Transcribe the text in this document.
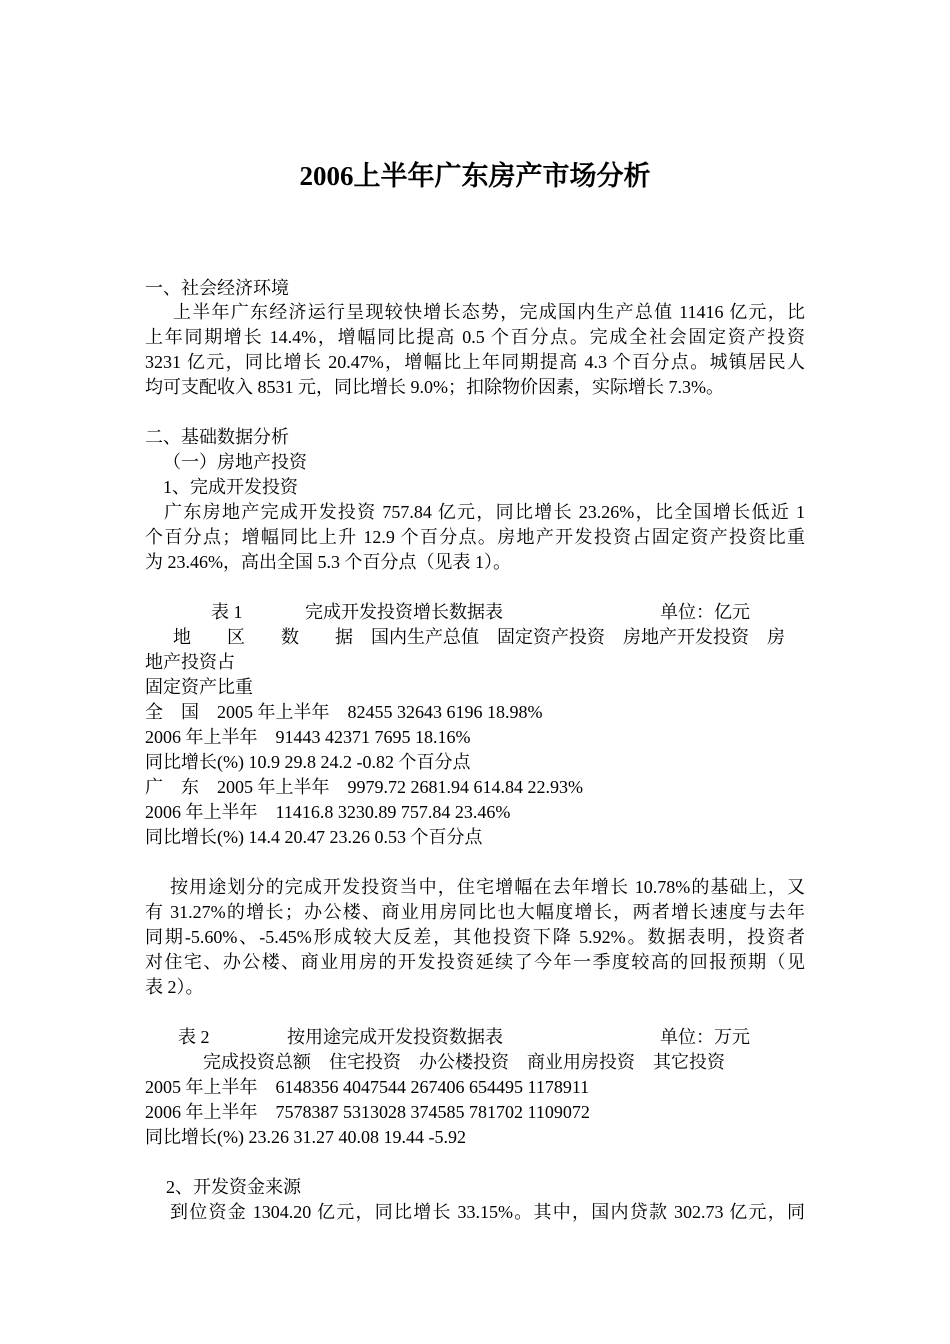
2006上半年广东房产市场分析
一、社会经济环境
上半年广东经济运行呈现较快增长态势，完成国内生产总值 11416 亿元，比
上年同期增长 14.4%，增幅同比提高 0.5 个百分点。完成全社会固定资产投资
3231 亿元，同比增长 20.47%，增幅比上年同期提高 4.3 个百分点。城镇居民人
均可支配收入 8531 元，同比增长 9.0%；扣除物价因素，实际增长 7.3%。
二、基础数据分析
（一）房地产投资
1、完成开发投资
广东房地产完成开发投资 757.84 亿元，同比增长 23.26%，比全国增长低近 1
个百分点；增幅同比上升 12.9 个百分点。房地产开发投资占固定资产投资比重
为 23.46%，高出全国 5.3 个百分点（见表 1）。
表 1	完成开发投资增长数据表	单位：亿元
地　　区　　数　　据　国内生产总值　固定资产投资　房地产开发投资　房
地产投资占
固定资产比重
全　国　2005 年上半年　82455 32643 6196 18.98%
2006 年上半年　91443 42371 7695 18.16%
同比增长(%) 10.9 29.8 24.2 -0.82 个百分点
广　东　2005 年上半年　9979.72 2681.94 614.84 22.93%
2006 年上半年　11416.8 3230.89 757.84 23.46%
同比增长(%) 14.4 20.47 23.26 0.53 个百分点
按用途划分的完成开发投资当中，住宅增幅在去年增长 10.78%的基础上，又
有 31.27%的增长；办公楼、商业用房同比也大幅度增长，两者增长速度与去年
同期-5.60%、-5.45%形成较大反差，其他投资下降 5.92%。数据表明，投资者
对住宅、办公楼、商业用房的开发投资延续了今年一季度较高的回报预期（见
表 2）。
表 2	按用途完成开发投资数据表	单位：万元
完成投资总额　住宅投资　办公楼投资　商业用房投资　其它投资
2005 年上半年　6148356 4047544 267406 654495 1178911
2006 年上半年　7578387 5313028 374585 781702 1109072
同比增长(%) 23.26 31.27 40.08 19.44 -5.92
2、开发资金来源
到位资金 1304.20 亿元，同比增长 33.15%。其中，国内贷款 302.73 亿元，同
